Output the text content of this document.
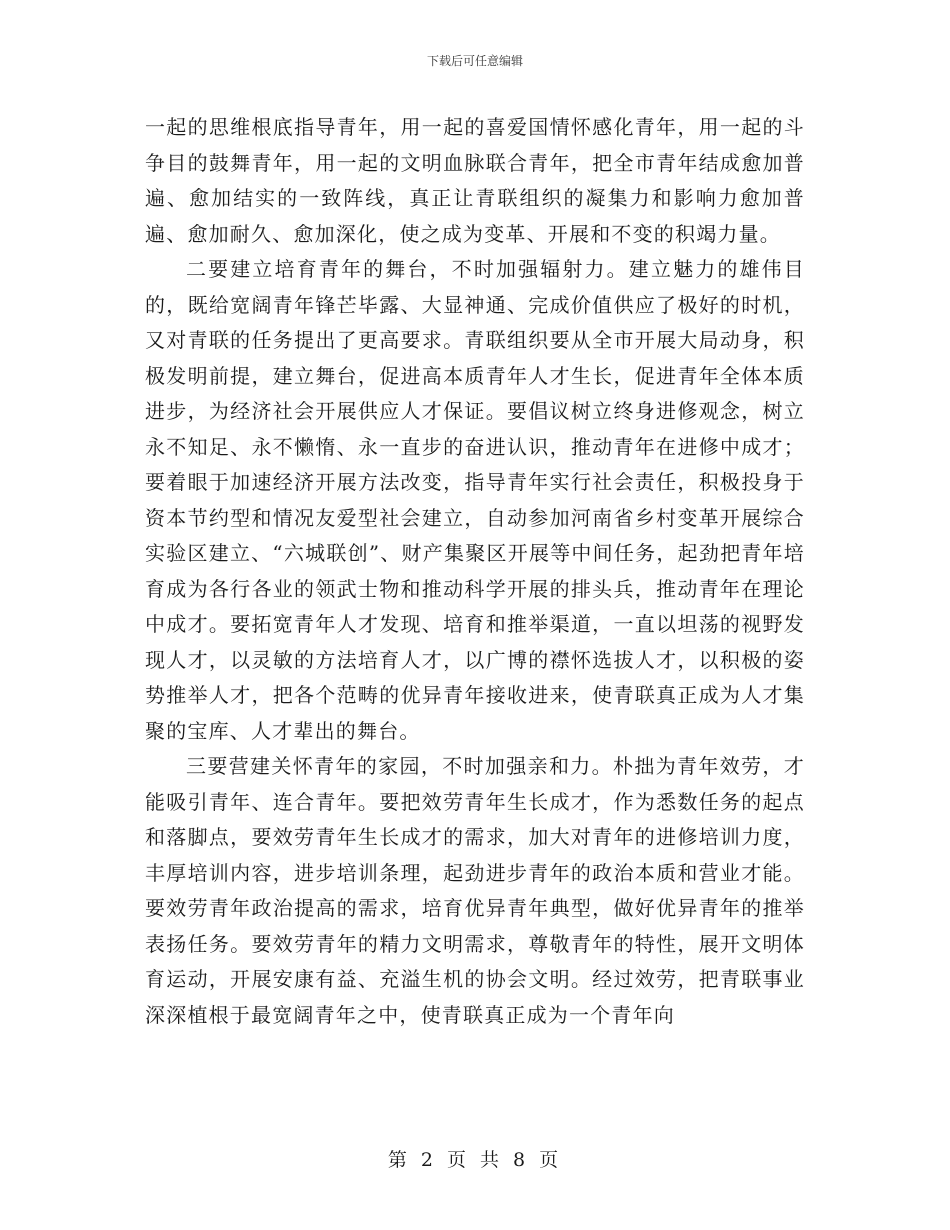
下载后可任意编辑

一起的思维根底指导青年，用一起的喜爱国情怀感化青年，用一起的斗争目的鼓舞青年，用一起的文明血脉联合青年，把全市青年结成愈加普遍、愈加结实的一致阵线，真正让青联组织的凝集力和影响力愈加普遍、愈加耐久、愈加深化，使之成为变革、开展和不变的积竭力量。

二要建立培育青年的舞台，不时加强辐射力。建立魅力的雄伟目的，既给宽阔青年锋芒毕露、大显神通、完成价值供应了极好的时机，又对青联的任务提出了更高要求。青联组织要从全市开展大局动身，积极发明前提，建立舞台，促进高本质青年人才生长，促进青年全体本质进步，为经济社会开展供应人才保证。要倡议树立终身进修观念，树立永不知足、永不懒惰、永一直步的奋进认识，推动青年在进修中成才；要着眼于加速经济开展方法改变，指导青年实行社会责任，积极投身于资本节约型和情况友爱型社会建立，自动参加河南省乡村变革开展综合实验区建立、“六城联创”、财产集聚区开展等中间任务，起劲把青年培育成为各行各业的领武士物和推动科学开展的排头兵，推动青年在理论中成才。要拓宽青年人才发现、培育和推举渠道，一直以坦荡的视野发现人才，以灵敏的方法培育人才，以广博的襟怀选拔人才，以积极的姿势推举人才，把各个范畴的优异青年接收进来，使青联真正成为人才集聚的宝库、人才辈出的舞台。

三要营建关怀青年的家园，不时加强亲和力。朴拙为青年效劳，才能吸引青年、连合青年。要把效劳青年生长成才，作为悉数任务的起点和落脚点，要效劳青年生长成才的需求，加大对青年的进修培训力度，丰厚培训内容，进步培训条理，起劲进步青年的政治本质和营业才能。要效劳青年政治提高的需求，培育优异青年典型，做好优异青年的推举表扬任务。要效劳青年的精力文明需求，尊敬青年的特性，展开文明体育运动，开展安康有益、充溢生机的协会文明。经过效劳，把青联事业深深植根于最宽阔青年之中，使青联真正成为一个青年向

第 2 页 共 8 页
